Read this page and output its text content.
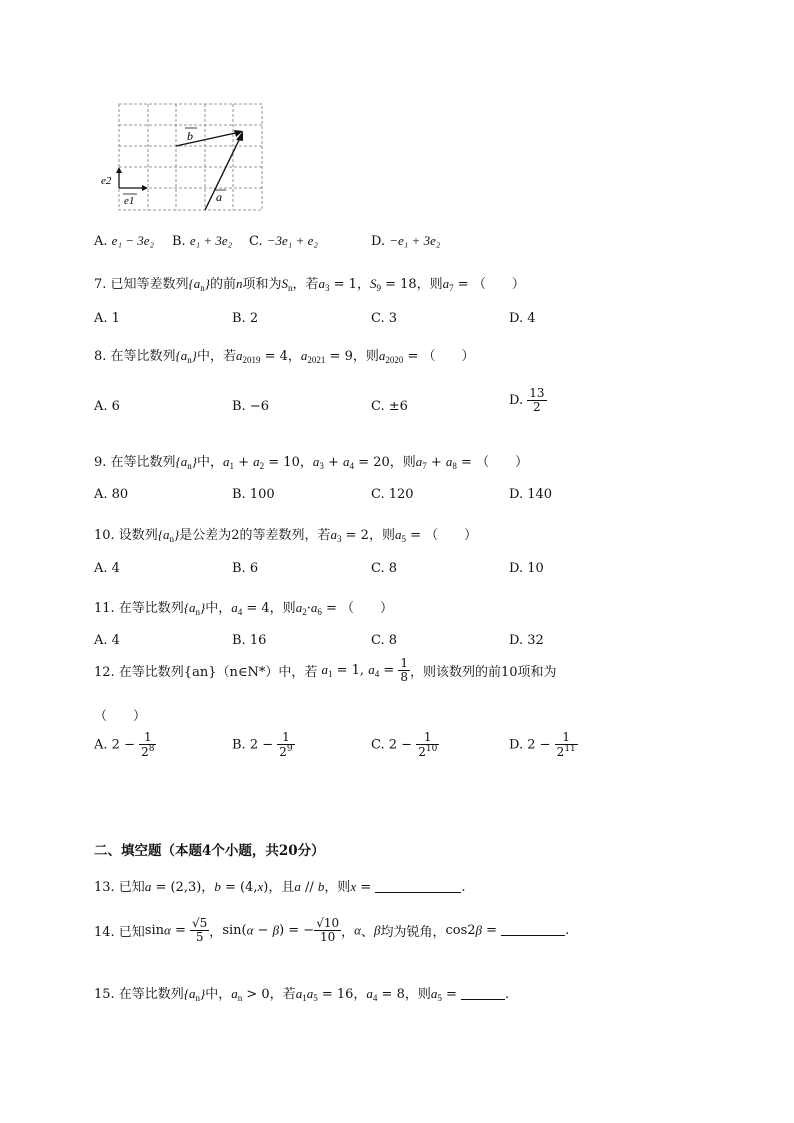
b
a
e1
e2
A. e₁ − 3e₂ B. e₁ + 3e₂ C. −3e₁ + e₂	D. −e₁ + 3e₂
7. 已知等差数列$\{a_n\}$的前n项和为$S_n$，若$a_3 = 1$，$S_9 = 18$，则$a_7$ = （　　）
A. 1	B. 2	C. 3	D. 4
8. 在等比数列$\{a_n\}$中，若$a_{2019} = 4$，$a_{2021} = 9$，则$a_{2020}$ = （　　）
A. 6	B. −6	C. ±6	D. $\frac{13}{2}$
9. 在等比数列$\{a_n\}$中，$a_1 + a_2 = 10$，$a_3 + a_4 = 20$，则$a_7 + a_8$ = （　　）
A. 80	B. 100	C. 120	D. 140
10. 设数列$\{a_n\}$是公差为2的等差数列，若$a_3 = 2$，则$a_5$ = （　　）
A. 4	B. 6	C. 8	D. 10
11. 在等比数列$\{a_n\}$中，$a_4 = 4$，则$a_2\cdot a_6$ = （　　）
A. 4	B. 16	C. 8	D. 32
12. 在等比数列{an}（n∈N*）中，若 $a_1 = 1$, $a_4 = \frac{1}{8}$ ，则该数列的前10项和为
（　　）
A. $2 - \frac{1}{2^8}$	B. $2 - \frac{1}{2^9}$	C. $2 - \frac{1}{2^{10}}$	D. $2 - \frac{1}{2^{11}}$
二、填空题（本题4个小题，共20分）
13. 已知a = (2,3)，b = (4,x)，且a // b，则x =	.
14. 已知$\sin\alpha = \frac{√5}{5}$ ，sin(α − β) = − $\frac{√10}{10}$ ，α、β均为锐角，cos2β =	.
15. 在等比数列$\{a_n\}$中，$a_n > 0$，若$a_1a_5 = 16$，$a_4 = 8$，则$a_5$ =	.
